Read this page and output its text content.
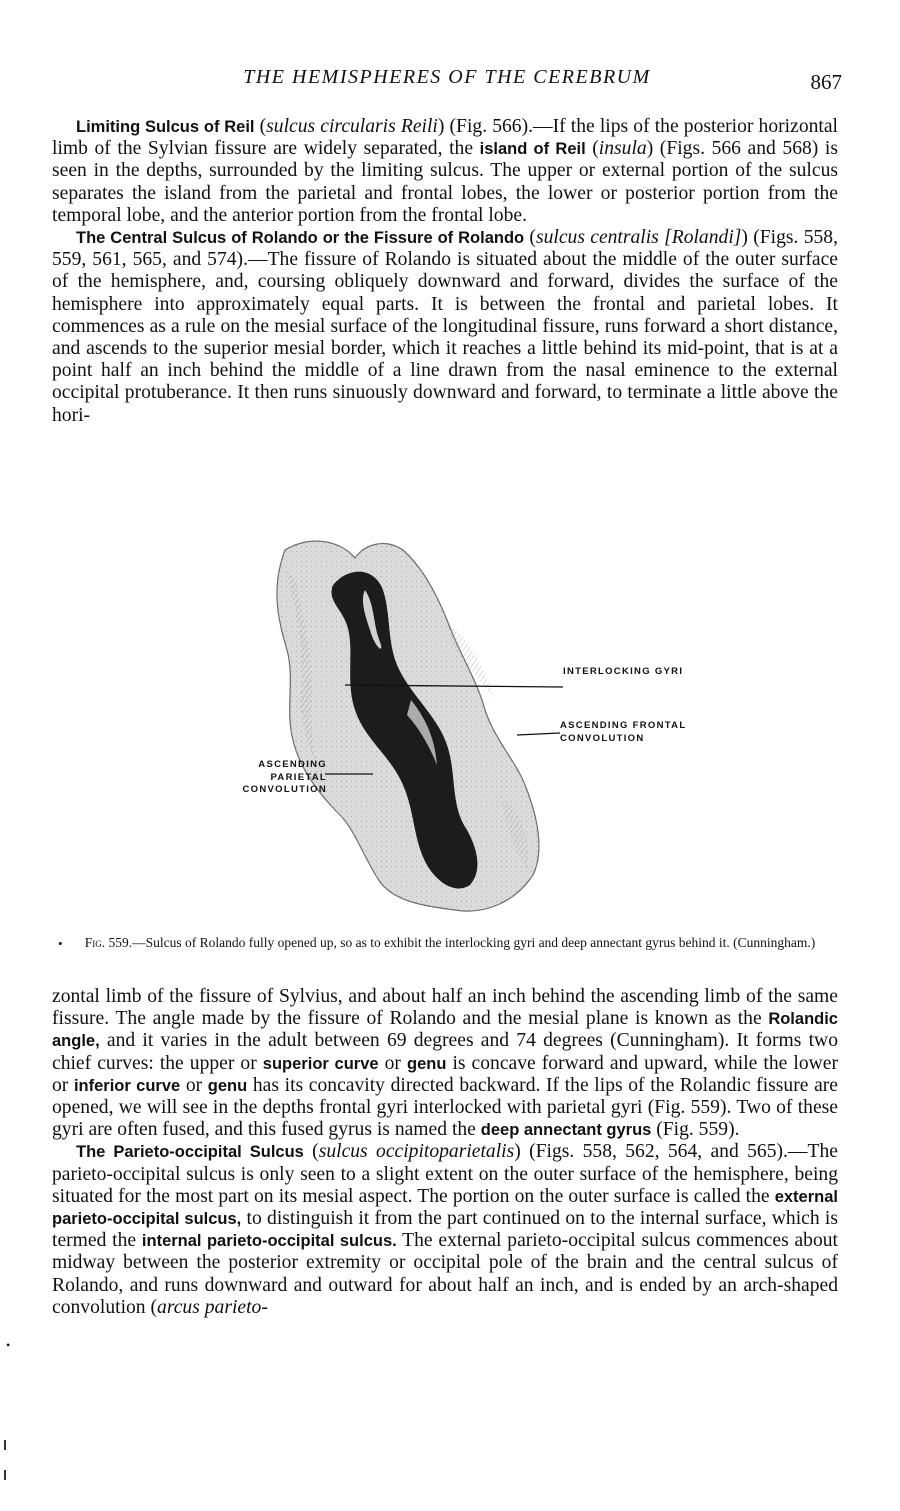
THE HEMISPHERES OF THE CEREBRUM	867

Limiting Sulcus of Reil (sulcus circularis Reili) (Fig. 566).—If the lips of the posterior horizontal limb of the Sylvian fissure are widely separated, the island of Reil (insula) (Figs. 566 and 568) is seen in the depths, surrounded by the limiting sulcus. The upper or external portion of the sulcus separates the island from the parietal and frontal lobes, the lower or posterior portion from the temporal lobe, and the anterior portion from the frontal lobe.

The Central Sulcus of Rolando or the Fissure of Rolando (sulcus centralis [Rolandi]) (Figs. 558, 559, 561, 565, and 574).—The fissure of Rolando is situated about the middle of the outer surface of the hemisphere, and, coursing obliquely downward and forward, divides the surface of the hemisphere into approximately equal parts. It is between the frontal and parietal lobes. It commences as a rule on the mesial surface of the longitudinal fissure, runs forward a short distance, and ascends to the superior mesial border, which it reaches a little behind its mid-point, that is at a point half an inch behind the middle of a line drawn from the nasal eminence to the external occipital protuberance. It then runs sinuously downward and forward, to terminate a little above the hori-

INTERLOCKING GYRI
ASCENDING FRONTAL CONVOLUTION
ASCENDING PARIETAL CONVOLUTION
•	Fig. 559.—Sulcus of Rolando fully opened up, so as to exhibit the interlocking gyri and deep annectant gyrus behind it. (Cunningham.)

zontal limb of the fissure of Sylvius, and about half an inch behind the ascending limb of the same fissure. The angle made by the fissure of Rolando and the mesial plane is known as the Rolandic angle, and it varies in the adult between 69 degrees and 74 degrees (Cunningham). It forms two chief curves: the upper or superior curve or genu is concave forward and upward, while the lower or inferior curve or genu has its concavity directed backward. If the lips of the Rolandic fissure are opened, we will see in the depths frontal gyri interlocked with parietal gyri (Fig. 559). Two of these gyri are often fused, and this fused gyrus is named the deep annectant gyrus (Fig. 559).

The Parieto-occipital Sulcus (sulcus occipitoparietalis) (Figs. 558, 562, 564, and 565).—The parieto-occipital sulcus is only seen to a slight extent on the outer surface of the hemisphere, being situated for the most part on its mesial aspect. The portion on the outer surface is called the external parieto-occipital sulcus, to distinguish it from the part continued on to the internal surface, which is termed the internal parieto-occipital sulcus. The external parieto-occipital sulcus commences about midway between the posterior extremity or occipital pole of the brain and the central sulcus of Rolando, and runs downward and outward for about half an inch, and is ended by an arch-shaped convolution (arcus parieto-

•
